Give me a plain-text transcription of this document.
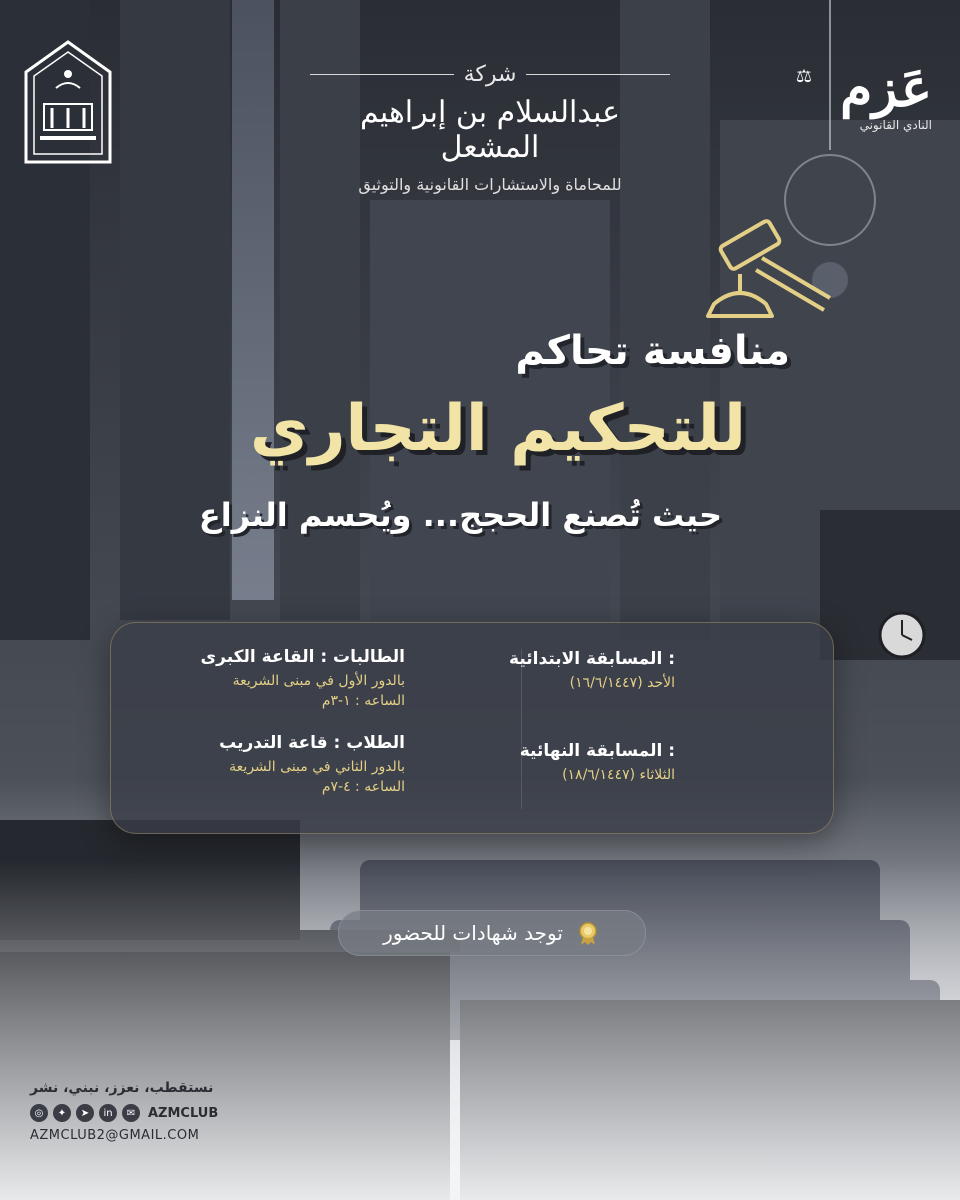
⚖ عَزم
النادي القانوني
شركة
عبدالسلام بن إبراهيم المشعل
للمحاماة والاستشارات القانونية والتوثيق
منافسة تحاكم
للتحكيم التجاري
حيث تُصنع الحجج... ويُحسم النزاع
المسابقة الابتدائية :
الأحد (١٦/٦/١٤٤٧)
المسابقة النهائية :
الثلاثاء (١٨/٦/١٤٤٧)
الطالبات : القاعة الكبرى
بالدور الأول في مبنى الشريعة
الساعه : ١-٣م
الطلاب : قاعة التدريب
بالدور الثاني في مبنى الشريعة
الساعه : ٤-٧م
توجد شهادات للحضور
نستقطب، نعزز، نبني، نشر
◎	✦	➤	in	✉ AZMCLUB
AZMCLUB2@GMAIL.COM
